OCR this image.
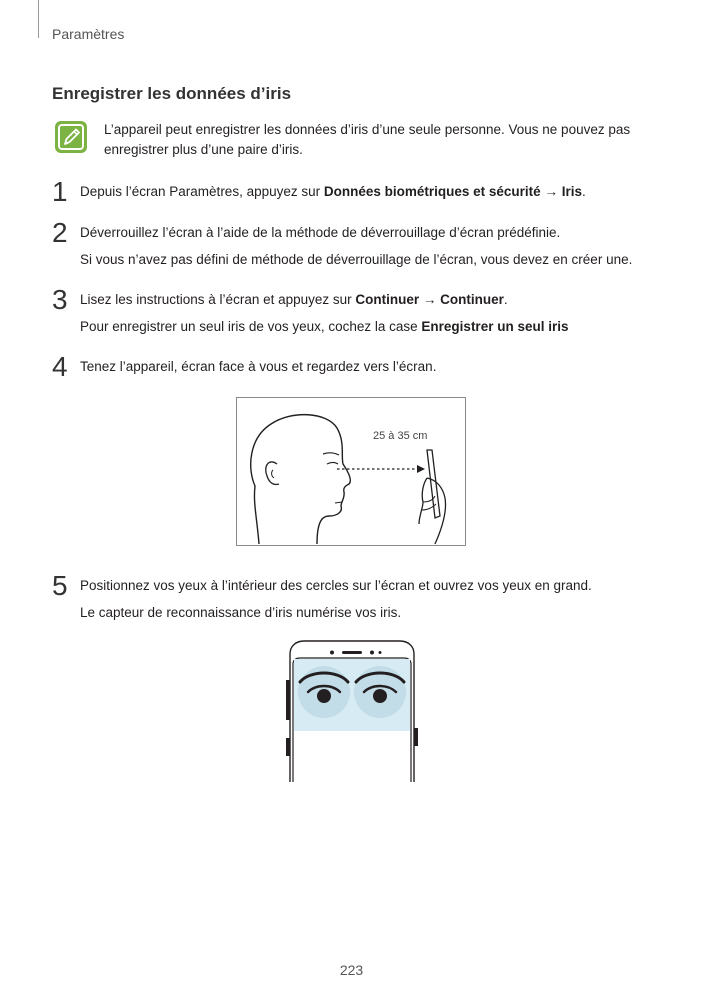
Paramètres
Enregistrer les données d’iris
L’appareil peut enregistrer les données d’iris d’une seule personne. Vous ne pouvez pas
enregistrer plus d’une paire d’iris.
1 Depuis l’écran Paramètres, appuyez sur Données biométriques et sécurité → Iris.
2 Déverrouillez l’écran à l’aide de la méthode de déverrouillage d’écran prédéfinie.
Si vous n’avez pas défini de méthode de déverrouillage de l’écran, vous devez en créer une.
3 Lisez les instructions à l’écran et appuyez sur Continuer → Continuer.
Pour enregistrer un seul iris de vos yeux, cochez la case Enregistrer un seul iris
4 Tenez l’appareil, écran face à vous et regardez vers l’écran.
25 à 35 cm
5 Positionnez vos yeux à l’intérieur des cercles sur l’écran et ouvrez vos yeux en grand.
Le capteur de reconnaissance d’iris numérise vos iris.
223
